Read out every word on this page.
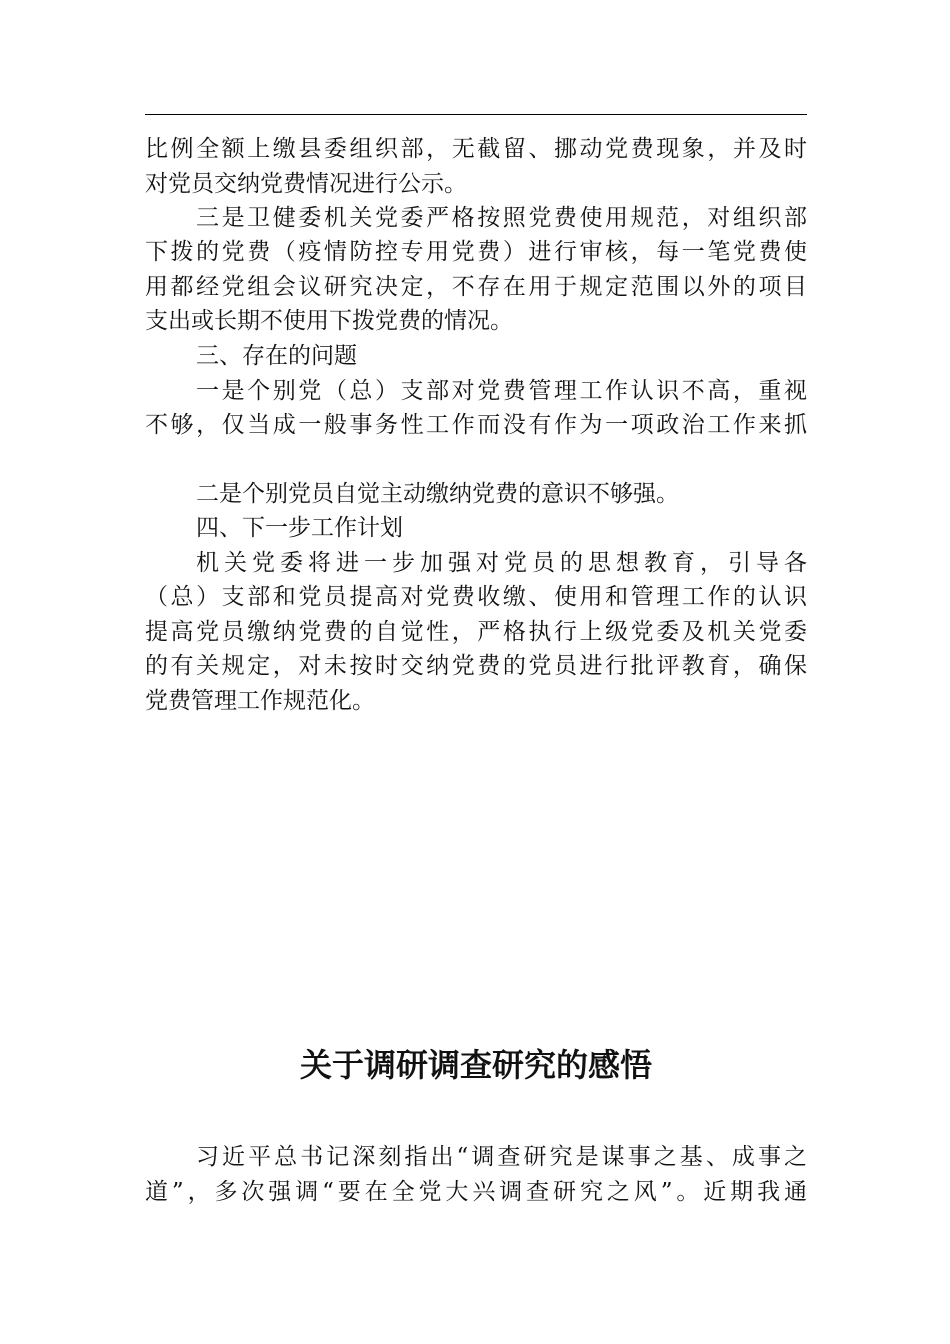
比例全额上缴县委组织部，无截留、挪动党费现象，并及时
对党员交纳党费情况进行公示。
三是卫健委机关党委严格按照党费使用规范，对组织部
下拨的党费（疫情防控专用党费）进行审核，每一笔党费使
用都经党组会议研究决定，不存在用于规定范围以外的项目
支出或长期不使用下拨党费的情况。
三、存在的问题
一是个别党（总）支部对党费管理工作认识不高，重视
不够，仅当成一般事务性工作而没有作为一项政治工作来抓
二是个别党员自觉主动缴纳党费的意识不够强。
四、下一步工作计划
机关党委将进一步加强对党员的思想教育，引导各
（总）支部和党员提高对党费收缴、使用和管理工作的认识
提高党员缴纳党费的自觉性，严格执行上级党委及机关党委
的有关规定，对未按时交纳党费的党员进行批评教育，确保
党费管理工作规范化。
关于调研调查研究的感悟
习近平总书记深刻指出“调查研究是谋事之基、成事之
道”，多次强调“要在全党大兴调查研究之风”。近期我通
